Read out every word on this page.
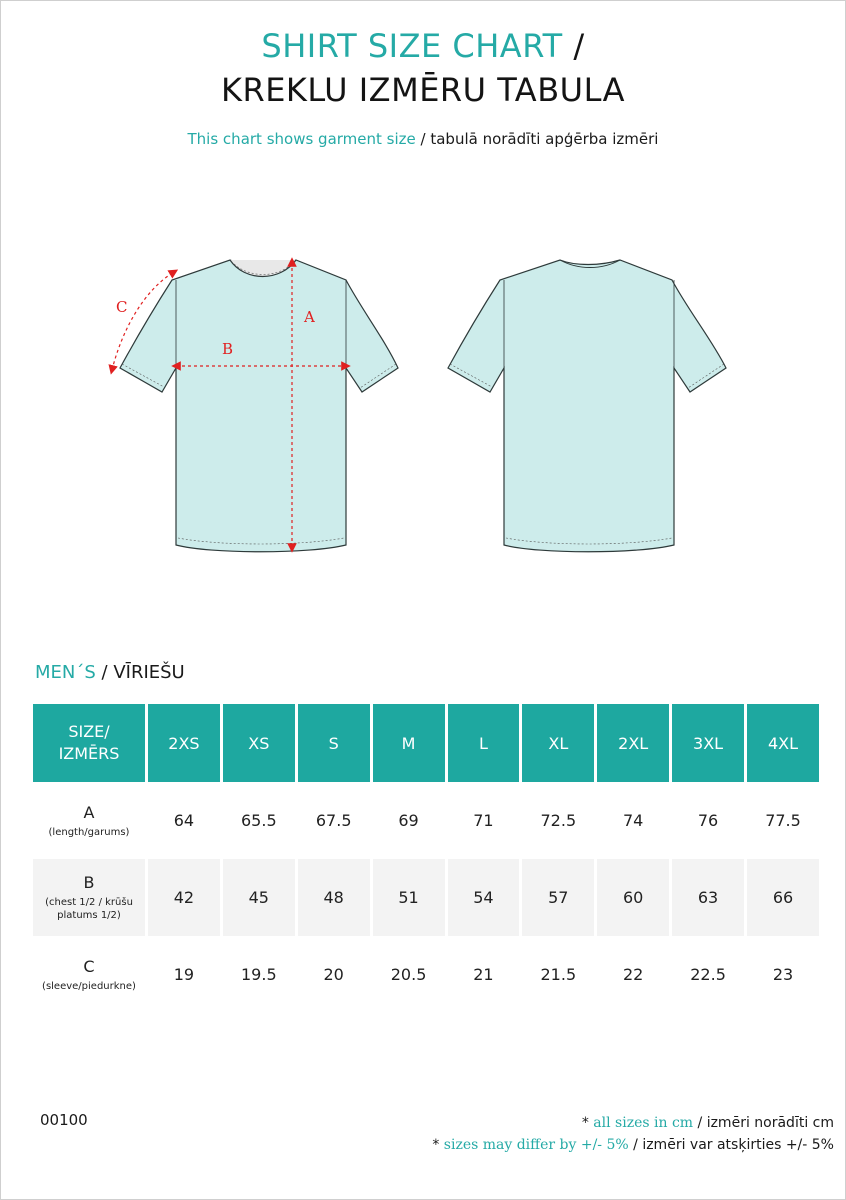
SHIRT SIZE CHART /
KREKLU IZMĒRU TABULA
This chart shows garment size / tabulā norādīti apģērba izmēri
A
B
C
MEN´S / VĪRIEŠU
SIZE/
IZMĒRS	2XS	XS	S	M	L	XL	2XL	3XL	4XL

A
(length/garums)	64	65.5	67.5	69	71	72.5	74	76	77.5

B
(chest 1/2 / krūšu
platums 1/2)	42	45	48	51	54	57	60	63	66

C
(sleeve/piedurkne)	19	19.5	20	20.5	21	21.5	22	22.5	23
00100	* all sizes in cm / izmēri norādīti cm
* sizes may differ by +/- 5% / izmēri var atsķirties +/- 5%
